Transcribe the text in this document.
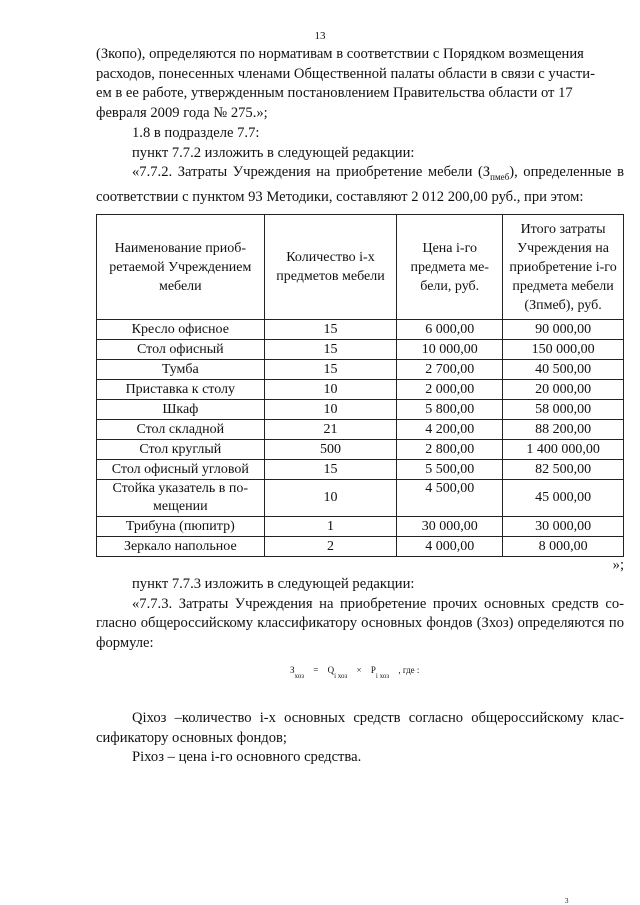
13

(Зкопо), определяются по нормативам в соответствии с Порядком возмещения

расходов, понесенных членами Общественной палаты области в связи с участи-

ем в ее работе, утвержденным постановлением Правительства области от 17

февраля 2009 года № 275.»;

1.8 в подразделе 7.7:

пункт 7.7.2 изложить в следующей редакции:

«7.7.2. Затраты Учреждения на приобретение мебели $(З_{пмеб})$, определенные в соответствии с пунктом 93 Методики, составляют 2 012 200,00 руб., при этом:

Наименование приоб-ретаемой Учреждением мебели	Количество i-х предметов мебели	Цена i-го предмета ме-бели, руб.	Итого затраты Учреждения на приобретение i-го предмета мебели (Зпмеб), руб.
Кресло офисное	15	6 000,00	90 000,00
Стол офисный	15	10 000,00	150 000,00
Тумба	15	2 700,00	40 500,00
Приставка к столу	10	2 000,00	20 000,00
Шкаф	10	5 800,00	58 000,00
Стол складной	21	4 200,00	88 200,00
Стол круглый	500	2 800,00	1 400 000,00
Стол офисный угловой	15	5 500,00	82 500,00
Стойка указатель в по-мещении	10	4 500,00	45 000,00
Трибуна (пюпитр)	1	30 000,00	30 000,00
Зеркало напольное	2	4 000,00	8 000,00
»;

пункт 7.7.3 изложить в следующей редакции:

«7.7.3. Затраты Учреждения на приобретение прочих основных средств со-гласно общероссийскому классификатору основных фондов (Зхоз) определяются по формуле:

$З_{хоз} = Q_{i хоз} \times P_{i хоз}$ , где :

Qiхоз –количество i-х основных средств согласно общероссийскому клас-сификатору основных фондов;

Piхоз – цена i-го основного средства.

3
